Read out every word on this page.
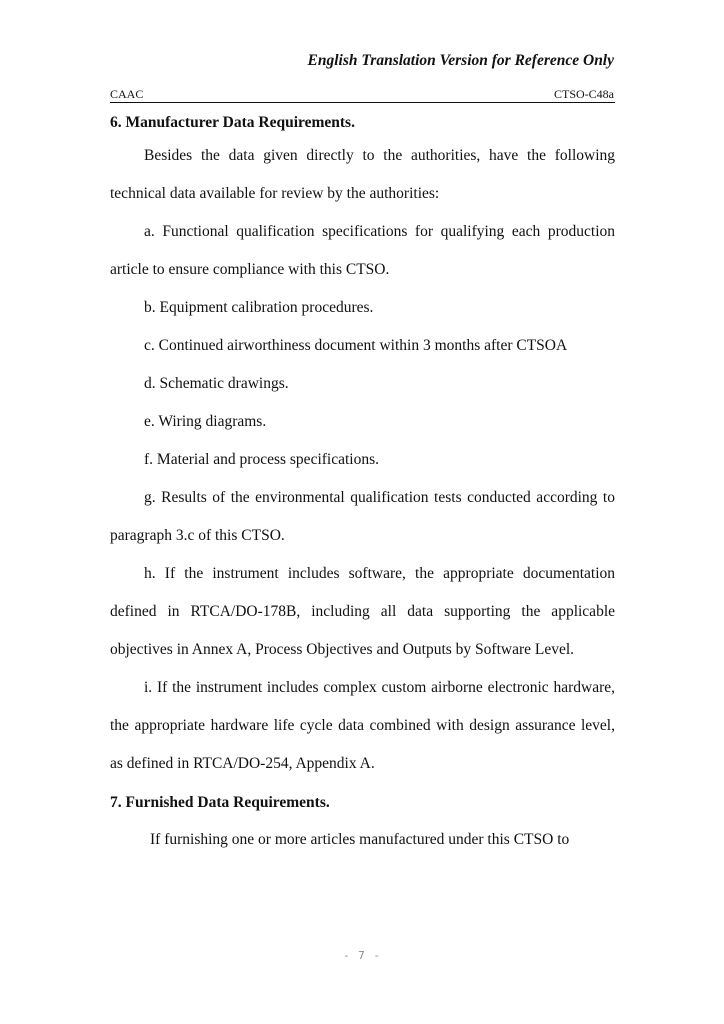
English Translation Version for Reference Only
CAAC	CTSO-C48a
6. Manufacturer Data Requirements.

Besides the data given directly to the authorities, have the following technical data available for review by the authorities:

a. Functional qualification specifications for qualifying each production article to ensure compliance with this CTSO.

b. Equipment calibration procedures.

c. Continued airworthiness document within 3 months after CTSOA

d. Schematic drawings.

e. Wiring diagrams.

f. Material and process specifications.

g. Results of the environmental qualification tests conducted according to paragraph 3.c of this CTSO.

h. If the instrument includes software, the appropriate documentation defined in RTCA/DO-178B, including all data supporting the applicable objectives in Annex A, Process Objectives and Outputs by Software Level.

i. If the instrument includes complex custom airborne electronic hardware, the appropriate hardware life cycle data combined with design assurance level, as defined in RTCA/DO-254, Appendix A.

7. Furnished Data Requirements.

If furnishing one or more articles manufactured under this CTSO to

- 7 -
